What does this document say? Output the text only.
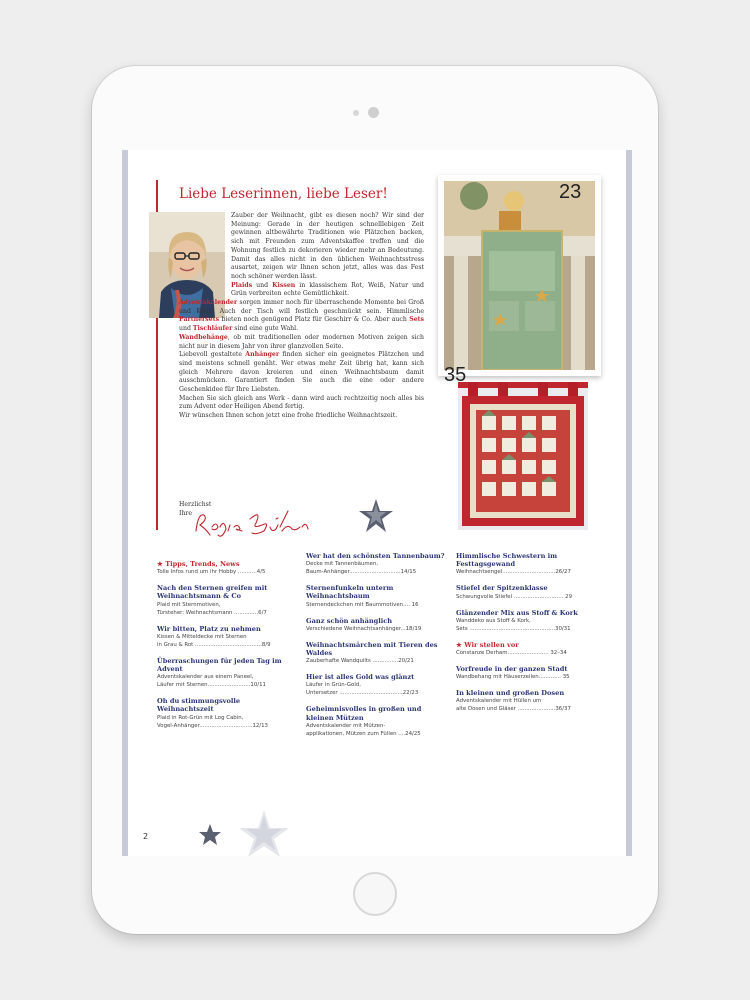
Liebe Leserinnen, liebe Leser!
Zauber der Weihnacht, gibt es diesen noch? Wir sind der Meinung: Gerade in der heutigen schnelllebigen Zeit gewinnen altbewährte Traditionen wie Plätzchen backen, sich mit Freunden zum Adventskaffee treffen und die Wohnung festlich zu dekorieren wieder mehr an Bedeutung. Damit das alles nicht in den üblichen Weihnachtsstress ausartet, zeigen wir Ihnen schon jetzt, alles was das Fest noch schöner werden lässt.
Plaids und Kissen in klassischem Rot, Weiß, Natur und Grün verbreiten echte Gemütlichkeit.
Adventskalender sorgen immer noch für überraschende Momente bei Groß und Klein. Auch der Tisch will festlich geschmückt sein. Himmlische Partnersets bieten noch genügend Platz für Geschirr & Co. Aber auch Sets und Tischläufer sind eine gute Wahl.
Wandbehänge, ob mit traditionellen oder modernen Motiven zeigen sich nicht nur in diesem Jahr von ihrer glanzvollen Seite.
Liebevoll gestaltete Anhänger finden sicher ein geeignetes Plätzchen und sind meistens schnell genäht. Wer etwas mehr Zeit übrig hat, kann sich gleich Mehrere davon kreieren und einen Weihnachtsbaum damit ausschmücken. Garantiert finden Sie auch die eine oder andere Geschenkidee für Ihre Liebsten.
Machen Sie sich gleich ans Werk - dann wird auch rechtzeitig noch alles bis zum Advent oder Heiligen Abend fertig.
Wir wünschen Ihnen schon jetzt eine frohe friedliche Weihnachtszeit.
Herzlichst
Ihre
23
35
★ Tipps, Trends, News
Tolle Infos rund um ihr Hobby ...........4/5
Nach den Sternen greifen mit Weihnachtsmann & Co
Plaid mit Sternmotiven,
Türsteher: Weihnachtsmann ..............6/7
Wir bitten, Platz zu nehmen
Kissen & Mitteldecke mit Sternen
in Grau & Rot .......................................8/9
Überraschungen für jeden Tag im Advent
Adventskalender aus einem Paneel,
Läufer mit Sternen.........................10/11
Oh du stimmungsvolle Weihnachtszeit
Plaid in Rot-Grün mit Log Cabin,
Vogel-Anhänger...............................12/13
Wer hat den schönsten Tannenbaum?
Decke mit Tannenbäumen,
Baum-Anhänger..............................14/15
Sternenfunkeln unterm Weihnachtsbaum
Sternendeckchen mit Baummotiven.... 16
Ganz schön anhänglich
Verschiedene Weihnachtsanhänger...18/19
Weihnachtsmärchen mit Tieren des Waldes
Zauberhafte Wandquilts ...............20/21
Hier ist alles Gold was glänzt
Läufer in Grün-Gold,
Untersetzer .....................................22/23
Geheimnisvolles in großen und kleinen Mützen
Adventskalender mit Mützen-
applikationen, Mützen zum Füllen ....24/25
Himmlische Schwestern im Festtagsgewand
Weihnachtsengel...............................26/27
Stiefel der Spitzenklasse
Schwungvolle Stiefel ............................. 29
Glänzender Mix aus Stoff & Kork
Wanddeko aus Stoff & Kork,
Sets ..................................................30/31
★ Wir stellen vor
Constanze Derham........................ 32–34
Vorfreude in der ganzen Stadt
Wandbehang mit Häuserzeilen............. 35
In kleinen und großen Dosen
Adventskalender mit Hüllen um
alte Dosen und Gläser ......................36/37
2
